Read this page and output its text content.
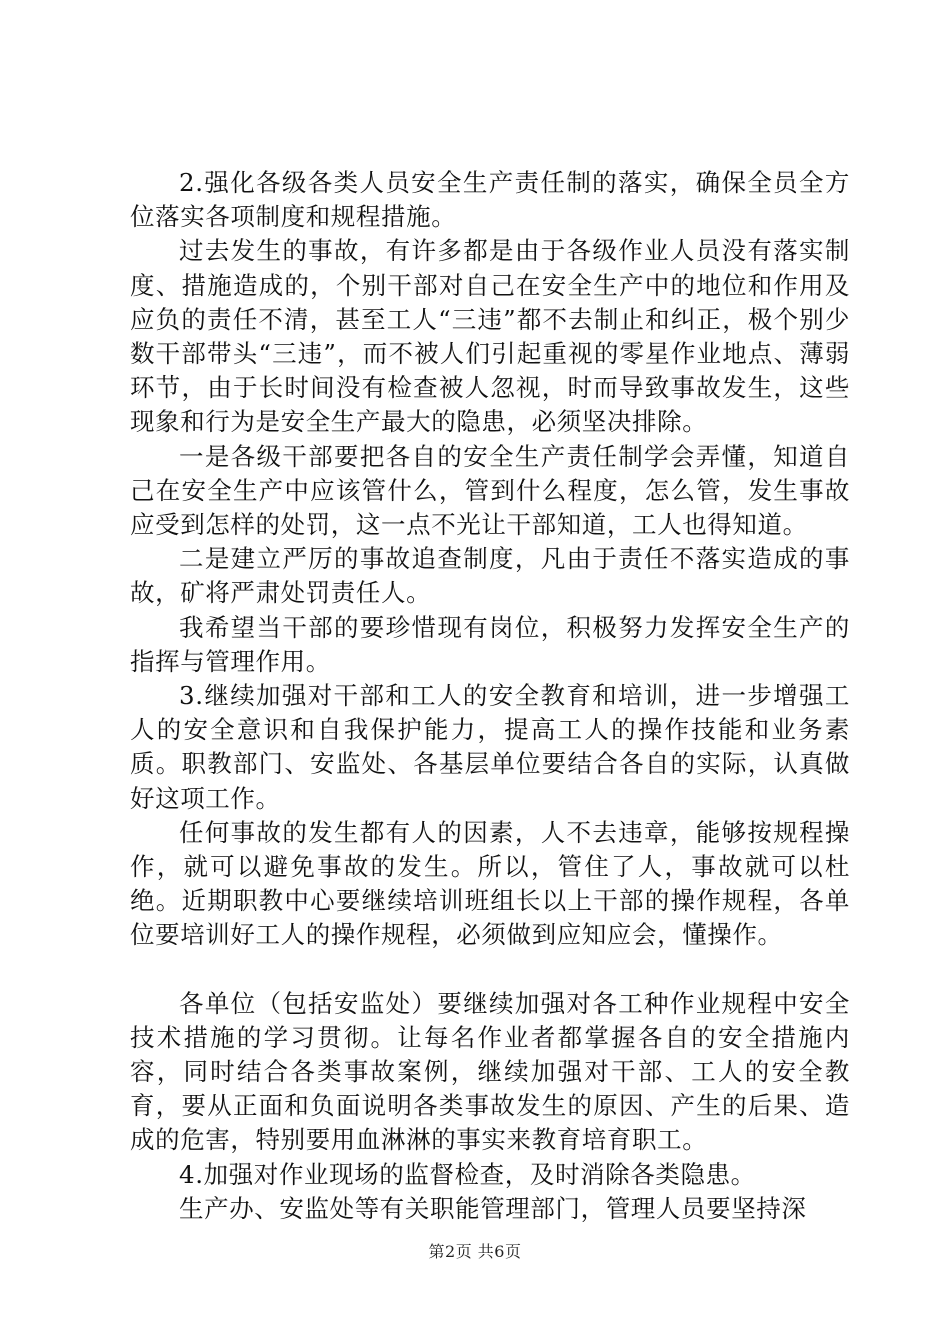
2.强化各级各类人员安全生产责任制的落实，确保全员全方位落实各项制度和规程措施。

过去发生的事故，有许多都是由于各级作业人员没有落实制度、措施造成的，个别干部对自己在安全生产中的地位和作用及应负的责任不清，甚至工人“三违”都不去制止和纠正，极个别少数干部带头“三违”，而不被人们引起重视的零星作业地点、薄弱环节，由于长时间没有检查被人忽视，时而导致事故发生，这些现象和行为是安全生产最大的隐患，必须坚决排除。

一是各级干部要把各自的安全生产责任制学会弄懂，知道自己在安全生产中应该管什么，管到什么程度，怎么管，发生事故应受到怎样的处罚，这一点不光让干部知道，工人也得知道。

二是建立严厉的事故追查制度，凡由于责任不落实造成的事故，矿将严肃处罚责任人。

我希望当干部的要珍惜现有岗位，积极努力发挥安全生产的指挥与管理作用。

3.继续加强对干部和工人的安全教育和培训，进一步增强工人的安全意识和自我保护能力，提高工人的操作技能和业务素质。职教部门、安监处、各基层单位要结合各自的实际，认真做好这项工作。

任何事故的发生都有人的因素，人不去违章，能够按规程操作，就可以避免事故的发生。所以，管住了人，事故就可以杜绝。近期职教中心要继续培训班组长以上干部的操作规程，各单位要培训好工人的操作规程，必须做到应知应会，懂操作。

各单位（包括安监处）要继续加强对各工种作业规程中安全技术措施的学习贯彻。让每名作业者都掌握各自的安全措施内容，同时结合各类事故案例，继续加强对干部、工人的安全教育，要从正面和负面说明各类事故发生的原因、产生的后果、造成的危害，特别要用血淋淋的事实来教育培育职工。

4.加强对作业现场的监督检查，及时消除各类隐患。

生产办、安监处等有关职能管理部门，管理人员要坚持深

第2页 共6页
